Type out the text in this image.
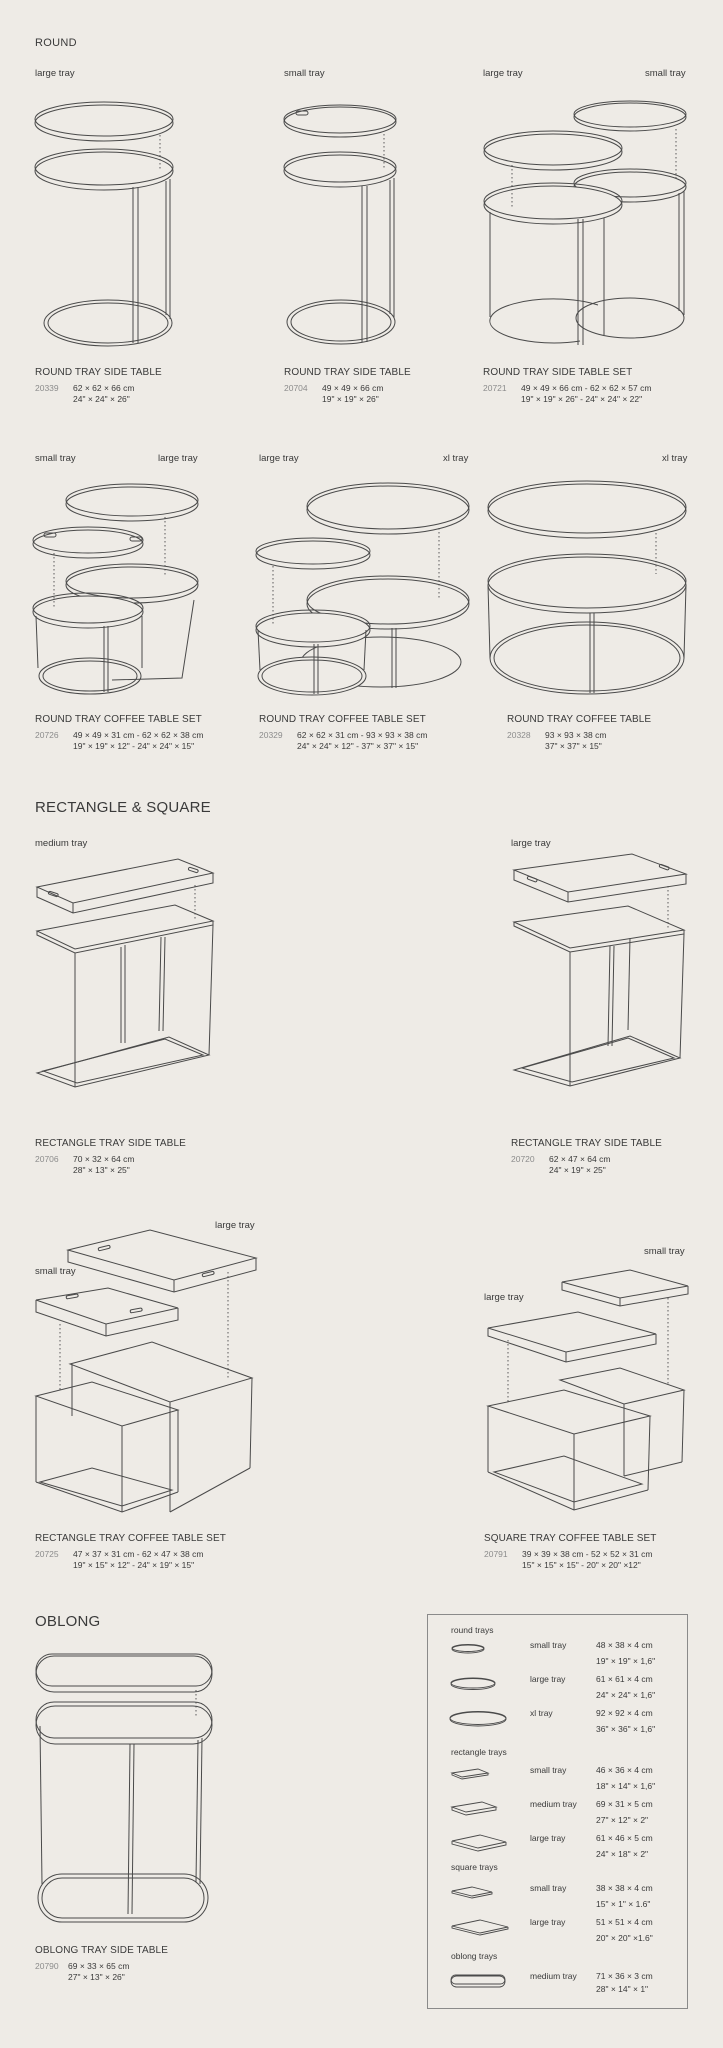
ROUND
large tray
ROUND TRAY SIDE TABLE
20339 62 × 62 × 66 cm
24" × 24" × 26"
small tray
ROUND TRAY SIDE TABLE
20704 49 × 49 × 66 cm
19" × 19" × 26"
large tray	small tray
ROUND TRAY SIDE TABLE SET
20721 49 × 49 × 66 cm - 62 × 62 × 57 cm
19" × 19" × 26" - 24" × 24" × 22"
small tray	large tray
ROUND TRAY COFFEE TABLE SET
20726 49 × 49 × 31 cm - 62 × 62 × 38 cm
19" × 19" × 12" - 24" × 24" × 15"
large tray	xl tray
ROUND TRAY COFFEE TABLE SET
20329 62 × 62 × 31 cm - 93 × 93 × 38 cm
24" × 24" × 12" - 37" × 37" × 15"
xl tray
ROUND TRAY COFFEE TABLE
20328 93 × 93 × 38 cm
37" × 37" × 15"
RECTANGLE & SQUARE
medium tray
RECTANGLE TRAY SIDE TABLE
20706 70 × 32 × 64 cm
28" × 13" × 25"
large tray
RECTANGLE TRAY SIDE TABLE
20720 62 × 47 × 64 cm
24" × 19" × 25"
large tray
small tray
RECTANGLE TRAY COFFEE TABLE SET
20725 47 × 37 × 31 cm - 62 × 47 × 38 cm
19" × 15" × 12" - 24" × 19" × 15"
small tray
large tray
SQUARE TRAY COFFEE TABLE SET
20791 39 × 39 × 38 cm - 52 × 52 × 31 cm
15" × 15" × 15" - 20" × 20" ×12"
OBLONG
OBLONG TRAY SIDE TABLE
20790 69 × 33 × 65 cm
27" × 13" × 26"
round trays
small tray	48 × 38 × 4 cm
19" × 19" × 1,6"
large tray	61 × 61 × 4 cm
24" × 24" × 1,6"
xl tray	92 × 92 × 4 cm
36" × 36" × 1,6"
rectangle trays
small tray	46 × 36 × 4 cm
18" × 14" × 1,6"
medium tray 69 × 31 × 5 cm
27" × 12" × 2"
large tray	61 × 46 × 5 cm
24" × 18" × 2"
square trays
small tray	38 × 38 × 4 cm
15" × 1" × 1.6"
large tray	51 × 51 × 4 cm
20" × 20" ×1.6"
oblong trays
medium tray 71 × 36 × 3 cm
28" × 14" × 1"
